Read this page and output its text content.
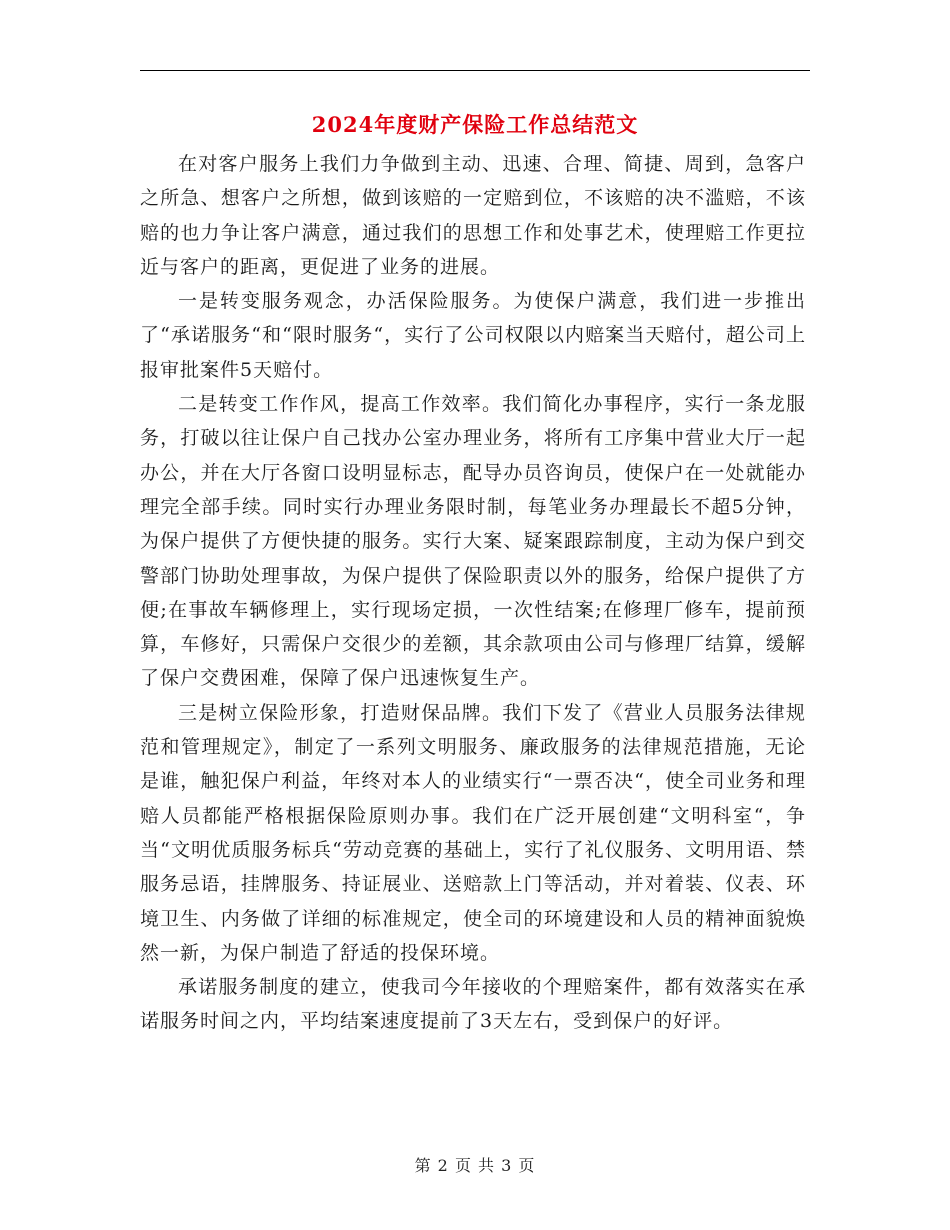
2024年度财产保险工作总结范文

在对客户服务上我们力争做到主动、迅速、合理、简捷、周到，急客户之所急、想客户之所想，做到该赔的一定赔到位，不该赔的决不滥赔，不该赔的也力争让客户满意，通过我们的思想工作和处事艺术，使理赔工作更拉近与客户的距离，更促进了业务的进展。

一是转变服务观念，办活保险服务。为使保户满意，我们进一步推出了“承诺服务“和“限时服务“，实行了公司权限以内赔案当天赔付，超公司上报审批案件5天赔付。

二是转变工作作风，提高工作效率。我们简化办事程序，实行一条龙服务，打破以往让保户自己找办公室办理业务，将所有工序集中营业大厅一起办公，并在大厅各窗口设明显标志，配导办员咨询员，使保户在一处就能办理完全部手续。同时实行办理业务限时制，每笔业务办理最长不超5分钟，为保户提供了方便快捷的服务。实行大案、疑案跟踪制度，主动为保户到交警部门协助处理事故，为保户提供了保险职责以外的服务，给保户提供了方便;在事故车辆修理上，实行现场定损，一次性结案;在修理厂修车，提前预算，车修好，只需保户交很少的差额，其余款项由公司与修理厂结算，缓解了保户交费困难，保障了保户迅速恢复生产。

三是树立保险形象，打造财保品牌。我们下发了《营业人员服务法律规范和管理规定》，制定了一系列文明服务、廉政服务的法律规范措施，无论是谁，触犯保户利益，年终对本人的业绩实行“一票否决“，使全司业务和理赔人员都能严格根据保险原则办事。我们在广泛开展创建“文明科室“，争当“文明优质服务标兵“劳动竞赛的基础上，实行了礼仪服务、文明用语、禁服务忌语，挂牌服务、持证展业、送赔款上门等活动，并对着装、仪表、环境卫生、内务做了详细的标准规定，使全司的环境建设和人员的精神面貌焕然一新，为保户制造了舒适的投保环境。

承诺服务制度的建立，使我司今年接收的个理赔案件，都有效落实在承诺服务时间之内，平均结案速度提前了3天左右，受到保户的好评。

第 2 页 共 3 页
